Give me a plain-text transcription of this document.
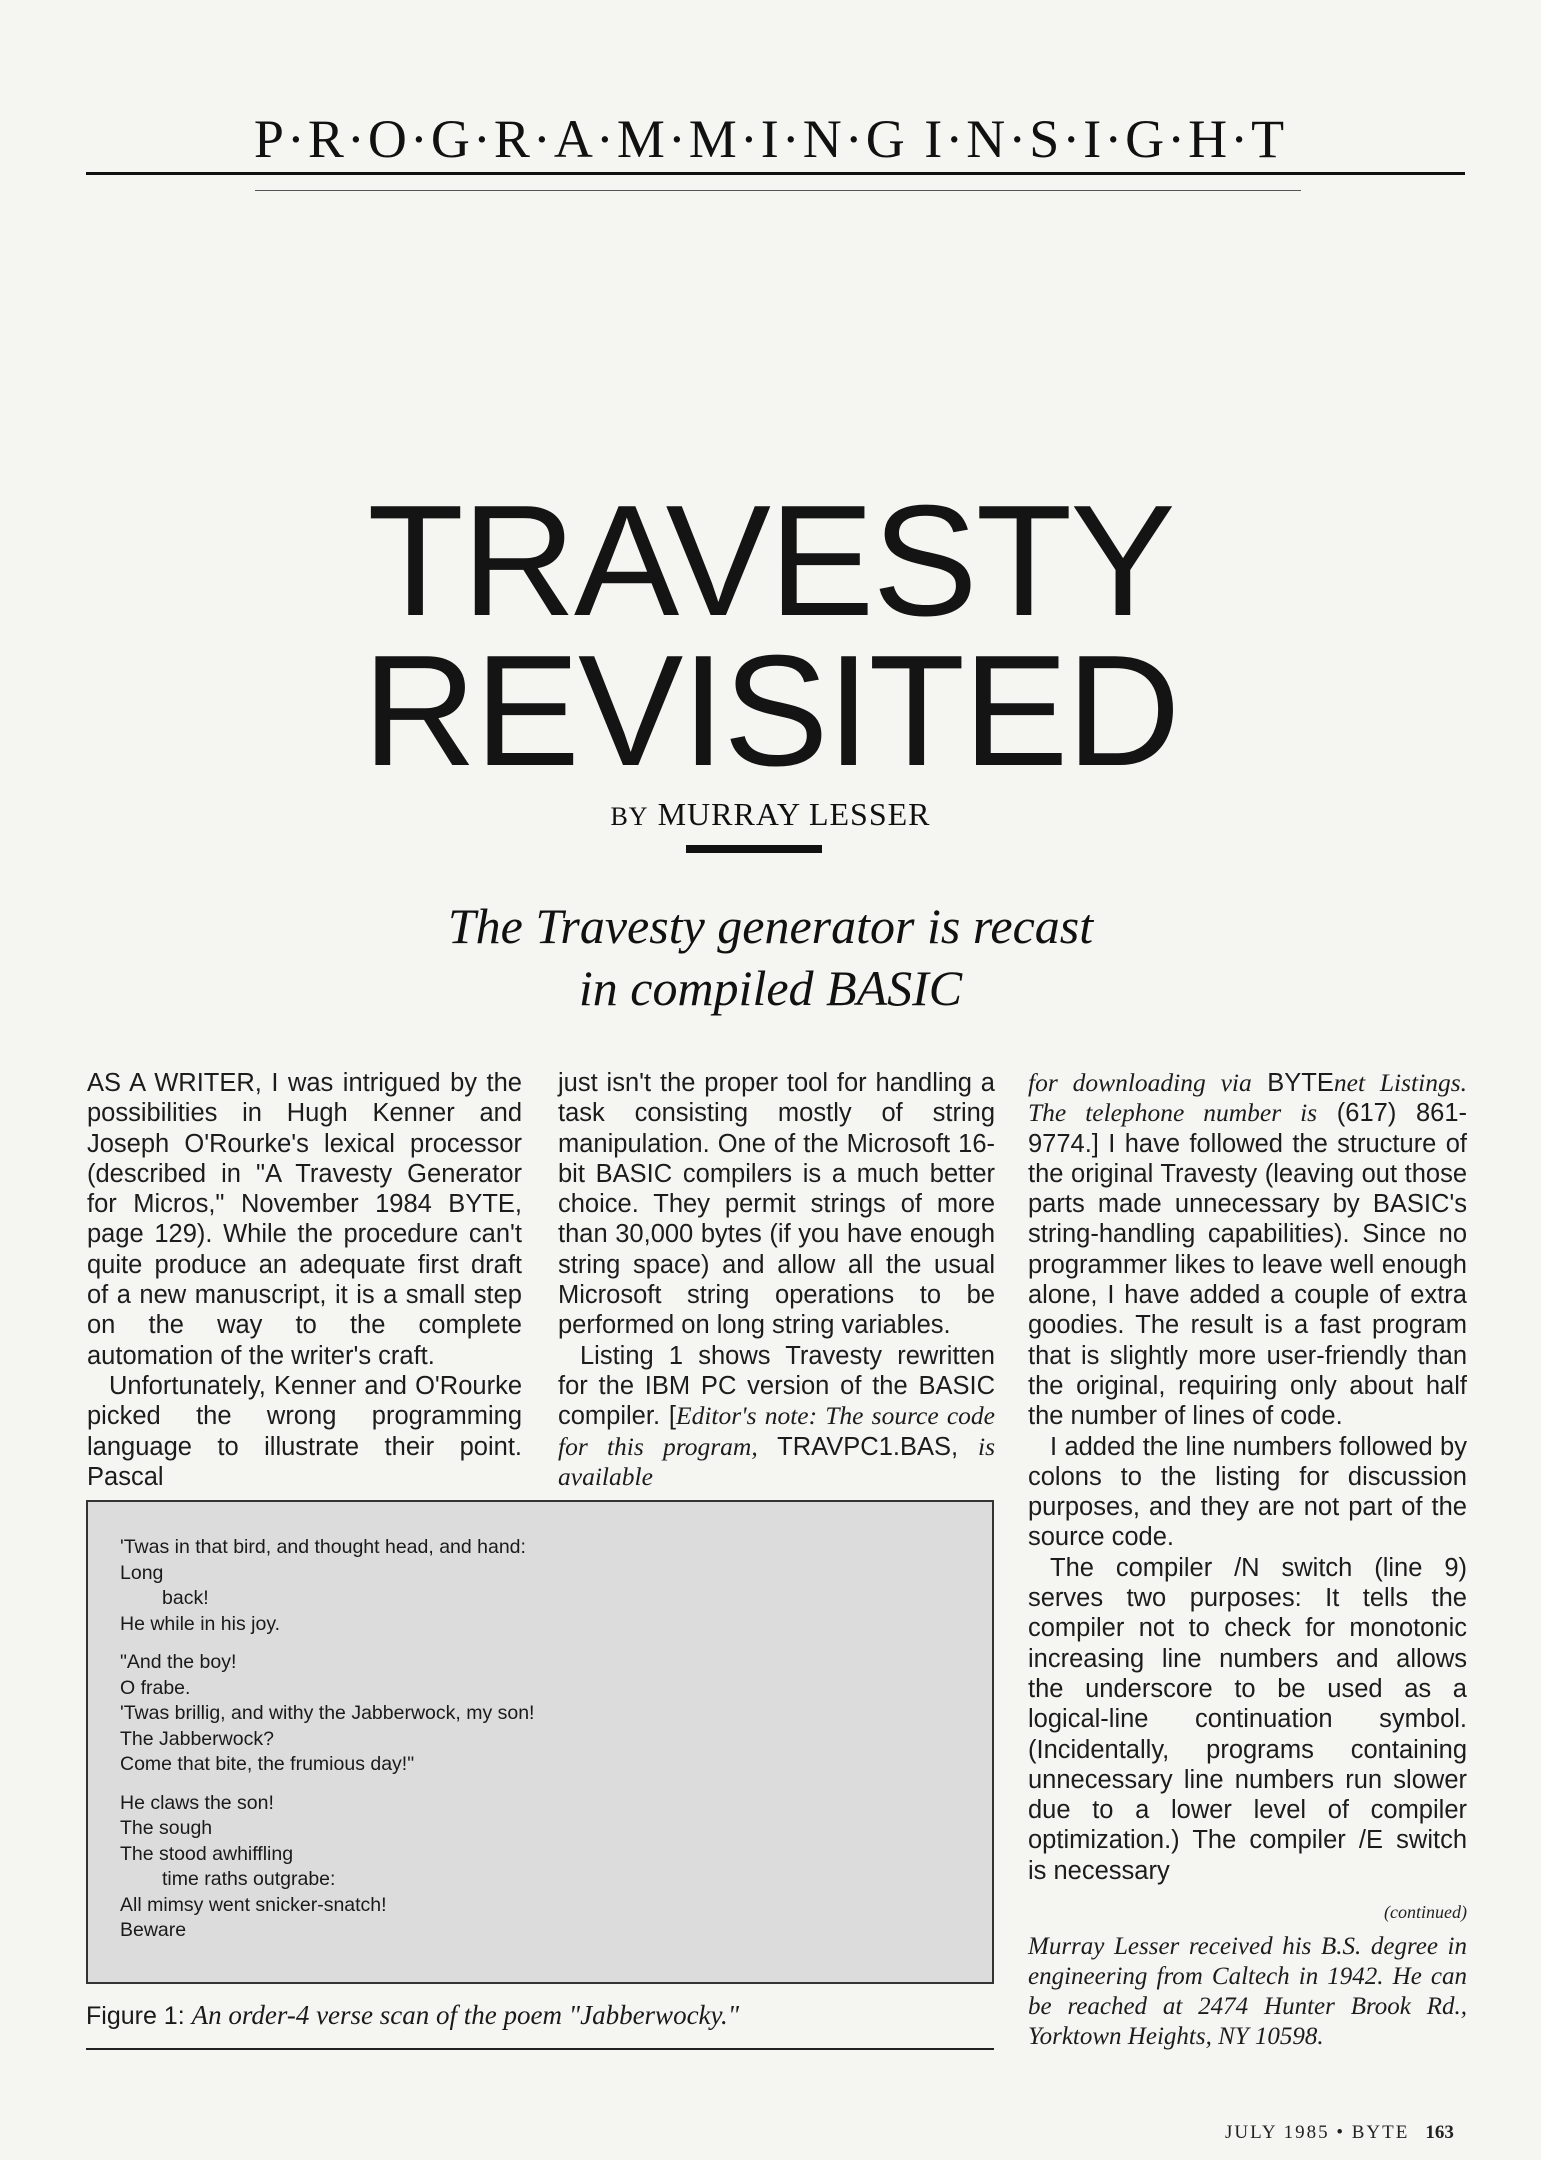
P·R·O·G·R·A·M·M·I·N·G I·N·S·I·G·H·T
TRAVESTY
REVISITED
BY MURRAY LESSER
The Travesty generator is recast
in compiled BASIC

AS A WRITER, I was intrigued by the possibilities in Hugh Kenner and Joseph O'Rourke's lexical processor (described in "A Travesty Generator for Micros," November 1984 BYTE, page 129). While the procedure can't quite produce an adequate first draft of a new manuscript, it is a small step on the way to the complete automation of the writer's craft.

Unfortunately, Kenner and O'Rourke picked the wrong programming language to illustrate their point. Pascal

just isn't the proper tool for handling a task consisting mostly of string manipulation. One of the Microsoft 16-bit BASIC compilers is a much better choice. They permit strings of more than 30,000 bytes (if you have enough string space) and allow all the usual Microsoft string operations to be performed on long string variables.

Listing 1 shows Travesty rewritten for the IBM PC version of the BASIC compiler. [Editor's note: The source code for this program, TRAVPC1.BAS, is available

for downloading via BYTEnet Listings. The telephone number is (617) 861-9774.] I have followed the structure of the original Travesty (leaving out those parts made unnecessary by BASIC's string-handling capabilities). Since no programmer likes to leave well enough alone, I have added a couple of extra goodies. The result is a fast program that is slightly more user-friendly than the original, requiring only about half the number of lines of code.

I added the line numbers followed by colons to the listing for discussion purposes, and they are not part of the source code.

The compiler /N switch (line 9) serves two purposes: It tells the compiler not to check for monotonic increasing line numbers and allows the underscore to be used as a logical-line continuation symbol. (Incidentally, programs containing unnecessary line numbers run slower due to a lower level of compiler optimization.) The compiler /E switch is necessary

'Twas in that bird, and thought head, and hand:
Long
back!
He while in his joy.
"And the boy!
O frabe.
'Twas brillig, and withy the Jabberwock, my son!
The Jabberwock?
Come that bite, the frumious day!"
He claws the son!
The sough
The stood awhiffling
time raths outgrabe:
All mimsy went snicker-snatch!
Beware
Figure 1: An order-4 verse scan of the poem "Jabberwocky."
(continued)
Murray Lesser received his B.S. degree in engineering from Caltech in 1942. He can be reached at 2474 Hunter Brook Rd., Yorktown Heights, NY 10598.
JULY 1985 • BYTE 163
